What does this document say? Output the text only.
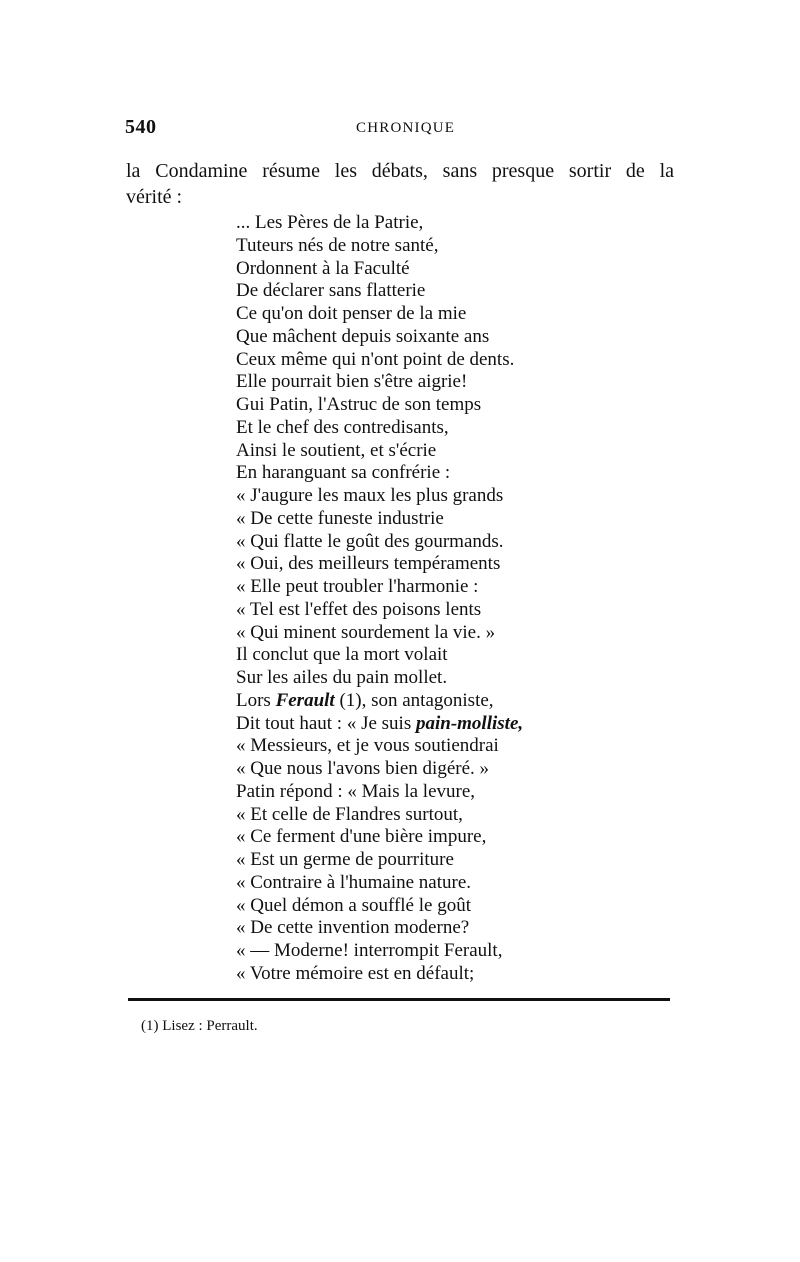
540	CHRONIQUE
la Condamine résume les débats, sans presque sortir de la
vérité :
... Les Pères de la Patrie,
Tuteurs nés de notre santé,
Ordonnent à la Faculté
De déclarer sans flatterie
Ce qu'on doit penser de la mie
Que mâchent depuis soixante ans
Ceux même qui n'ont point de dents.
Elle pourrait bien s'être aigrie!
Gui Patin, l'Astruc de son temps
Et le chef des contredisants,
Ainsi le soutient, et s'écrie
En haranguant sa confrérie :
« J'augure les maux les plus grands
« De cette funeste industrie
« Qui flatte le goût des gourmands.
« Oui, des meilleurs tempéraments
« Elle peut troubler l'harmonie :
« Tel est l'effet des poisons lents
« Qui minent sourdement la vie. »
Il conclut que la mort volait
Sur les ailes du pain mollet.
Lors Ferault (1), son antagoniste,
Dit tout haut : « Je suis pain-molliste,
« Messieurs, et je vous soutiendrai
« Que nous l'avons bien digéré. »
Patin répond : « Mais la levure,
« Et celle de Flandres surtout,
« Ce ferment d'une bière impure,
« Est un germe de pourriture
« Contraire à l'humaine nature.
« Quel démon a soufflé le goût
« De cette invention moderne?
« — Moderne! interrompit Ferault,
« Votre mémoire est en défault;
(1) Lisez : Perrault.
